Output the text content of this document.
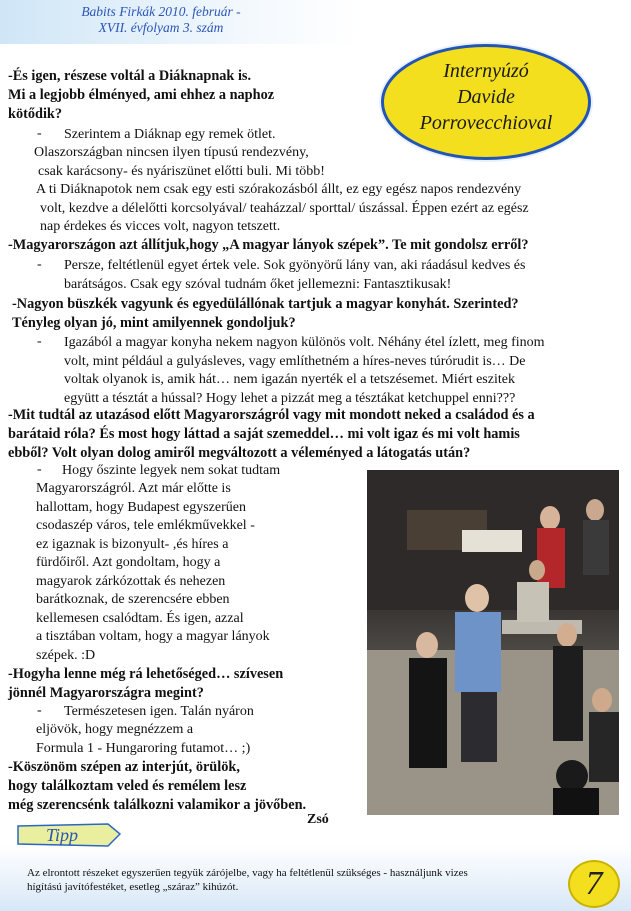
Babits Firkák 2010. február -
XVII. évfolyam 3. szám
Internyúzó
Davide
Porrovecchioval
-És igen, részese voltál a Diáknapnak is.
Mi a legjobb élményed, ami ehhez a naphoz
kötődik?
- Szerintem a Diáknap egy remek ötlet.
Olaszországban nincsen ilyen típusú rendezvény,
csak karácsony- és nyáriszünet előtti buli. Mi több!
A ti Diáknapotok nem csak egy esti szórakozásból állt, ez egy egész napos rendezvény
volt, kezdve a délelőtti korcsolyával/ teaházzal/ sporttal/ úszással. Éppen ezért az egész
nap érdekes és vicces volt, nagyon tetszett.
-Magyarországon azt állítjuk,hogy „A magyar lányok szépek”. Te mit gondolsz erről?
- Persze, feltétlenül egyet értek vele. Sok gyönyörű lány van, aki ráadásul kedves és
barátságos. Csak egy szóval tudnám őket jellemezni: Fantasztikusak!
-Nagyon büszkék vagyunk és egyedülállónak tartjuk a magyar konyhát. Szerinted?
Tényleg olyan jó, mint amilyennek gondoljuk?
- Igazából a magyar konyha nekem nagyon különös volt. Néhány étel ízlett, meg finom
volt, mint például a gulyásleves, vagy említhetném a híres-neves túrórudit is… De
voltak olyanok is, amik hát… nem igazán nyerték el a tetszésemet. Miért eszitek
együtt a tésztát a hússal? Hogy lehet a pizzát meg a tésztákat ketchuppel enni???
-Mit tudtál az utazásod előtt Magyarországról vagy mit mondott neked a családod és a
barátaid róla? És most hogy láttad a saját szemeddel… mi volt igaz és mi volt hamis
ebből? Volt olyan dolog amiről megváltozott a véleményed a látogatás után?
- Hogy őszinte legyek nem sokat tudtam
Magyarországról. Azt már előtte is
hallottam, hogy Budapest egyszerűen
csodaszép város, tele emlékművekkel -
ez igaznak is bizonyult- ,és híres a
fürdőiről. Azt gondoltam, hogy a
magyarok zárkózottak és nehezen
barátkoznak, de szerencsére ebben
kellemesen csalódtam. És igen, azzal
a tisztában voltam, hogy a magyar lányok
szépek. :D
-Hogyha lenne még rá lehetőséged… szívesen
jönnél Magyarországra megint?
- Természetesen igen. Talán nyáron
eljövök, hogy megnézzem a
Formula 1 - Hungaroring futamot… ;)
-Köszönöm szépen az interjút, örülök,
hogy találkoztam veled és remélem lesz
még szerencsénk találkozni valamikor a jövőben.
Zsó
Tipp
Az elrontott részeket egyszerűen tegyük zárójelbe, vagy ha feltétlenül szükséges - használjunk vizes
hígítású javítófestéket, esetleg „száraz” kihúzót.	7
